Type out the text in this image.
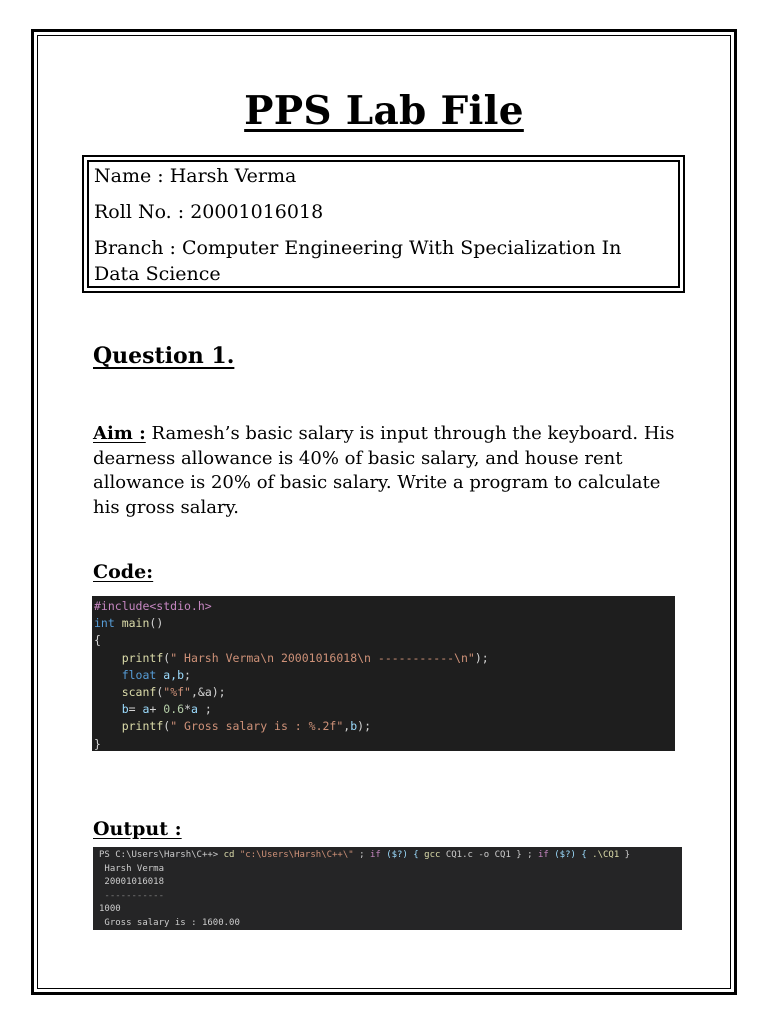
PPS Lab File
Name : Harsh Verma
Roll No. : 20001016018
Branch : Computer Engineering With Specialization In Data Science
Question 1.
Aim : Ramesh’s basic salary is input through the keyboard. His dearness allowance is 40% of basic salary, and house rent allowance is 20% of basic salary. Write a program to calculate his gross salary.
Code:
#include<stdio.h>
int main()
{
printf(" Harsh Verma\n 20001016018\n -----------\n");
float a,b;
scanf("%f",&a);
b= a+ 0.6*a ;
printf(" Gross salary is : %.2f",b);
}
Output :
PS C:\Users\Harsh\C++> cd "c:\Users\Harsh\C++\" ; if ($?) { gcc CQ1.c -o CQ1 } ; if ($?) { .\CQ1 }
Harsh Verma
20001016018
-----------
1000
Gross salary is : 1600.00
